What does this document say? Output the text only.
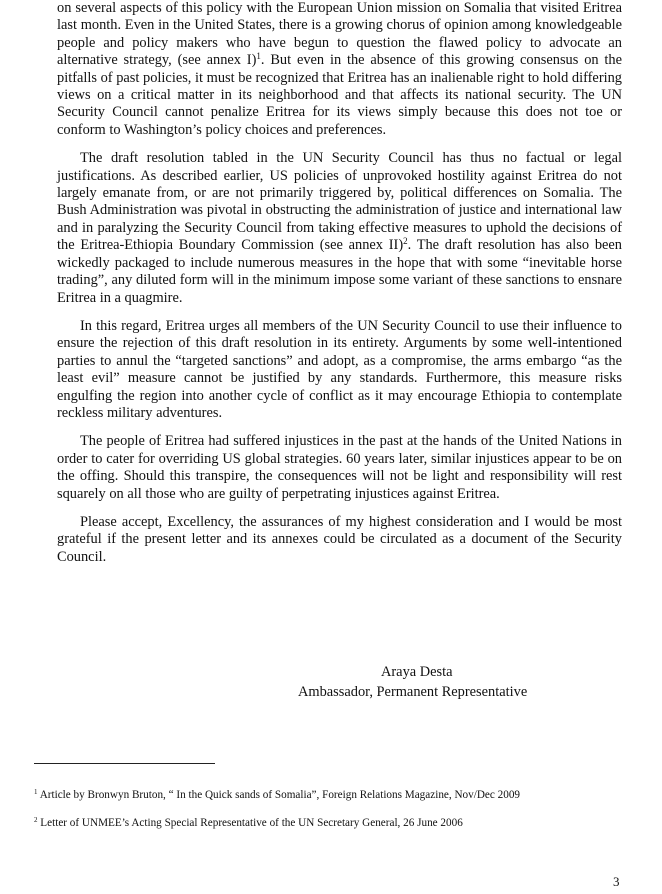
on several aspects of this policy with the European Union mission on Somalia that visited Eritrea last month. Even in the United States, there is a growing chorus of opinion among knowledgeable people and policy makers who have begun to question the flawed policy to advocate an alternative strategy, (see annex I)$^1$. But even in the absence of this growing consensus on the pitfalls of past policies, it must be recognized that Eritrea has an inalienable right to hold differing views on a critical matter in its neighborhood and that affects its national security. The UN Security Council cannot penalize Eritrea for its views simply because this does not toe or conform to Washington’s policy choices and preferences.

The draft resolution tabled in the UN Security Council has thus no factual or legal justifications. As described earlier, US policies of unprovoked hostility against Eritrea do not largely emanate from, or are not primarily triggered by, political differences on Somalia. The Bush Administration was pivotal in obstructing the administration of justice and international law and in paralyzing the Security Council from taking effective measures to uphold the decisions of the Eritrea-Ethiopia Boundary Commission (see annex II)$^2$. The draft resolution has also been wickedly packaged to include numerous measures in the hope that with some “inevitable horse trading”, any diluted form will in the minimum impose some variant of these sanctions to ensnare Eritrea in a quagmire.

In this regard, Eritrea urges all members of the UN Security Council to use their influence to ensure the rejection of this draft resolution in its entirety. Arguments by some well-intentioned parties to annul the “targeted sanctions” and adopt, as a compromise, the arms embargo “as the least evil” measure cannot be justified by any standards. Furthermore, this measure risks engulfing the region into another cycle of conflict as it may encourage Ethiopia to contemplate reckless military adventures.

The people of Eritrea had suffered injustices in the past at the hands of the United Nations in order to cater for overriding US global strategies. 60 years later, similar injustices appear to be on the offing. Should this transpire, the consequences will not be light and responsibility will rest squarely on all those who are guilty of perpetrating injustices against Eritrea.

Please accept, Excellency, the assurances of my highest consideration and I would be most grateful if the present letter and its annexes could be circulated as a document of the Security Council.

Araya Desta
Ambassador, Permanent Representative
$^1$ Article by Bronwyn Bruton, “ In the Quick sands of Somalia”, Foreign Relations Magazine, Nov/Dec 2009
$^2$ Letter of UNMEE’s Acting Special Representative of the UN Secretary General, 26 June 2006
3
